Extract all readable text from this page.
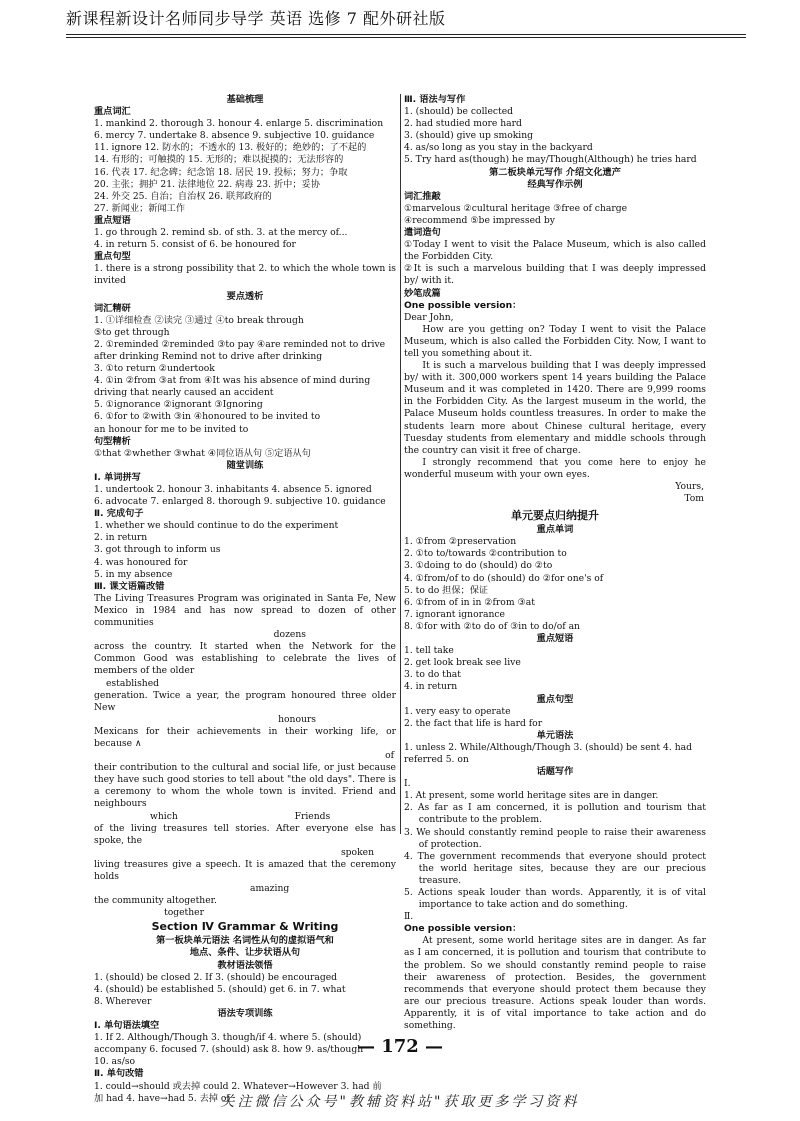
新课程新设计名师同步导学 英语 选修 7 配外研社版
基础梳理
重点词汇
1. mankind 2. thorough 3. honour 4. enlarge 5. discrimination
6. mercy 7. undertake 8. absence 9. subjective 10. guidance
11. ignore 12. 防水的；不透水的 13. 极好的；绝妙的；了不起的
14. 有形的；可触摸的 15. 无形的；难以捉摸的；无法形容的
16. 代表 17. 纪念碑；纪念馆 18. 居民 19. 投标；努力；争取
20. 主张；拥护 21. 法律地位 22. 病毒 23. 折中；妥协
24. 外交 25. 自治；自治权 26. 联邦政府的
27. 新闻业；新闻工作
重点短语
1. go through 2. remind sb. of sth. 3. at the mercy of...
4. in return 5. consist of 6. be honoured for
重点句型
1. there is a strong possibility that 2. to which the whole town is invited
要点透析
词汇精研
1. ①详细检查 ②读完 ③通过 ④to break through
⑤to get through
2. ①reminded ②reminded ③to pay ④are reminded not to drive
after drinking Remind not to drive after drinking
3. ①to return ②undertook
4. ①in ②from ③at from ④It was his absence of mind during
driving that nearly caused an accident
5. ①ignorance ②ignorant ③Ignoring
6. ①for to ②with ③in ④honoured to be invited to
an honour for me to be invited to
句型精析
①that ②whether ③what ④同位语从句 ⑤定语从句
随堂训练
Ⅰ. 单词拼写
1. undertook 2. honour 3. inhabitants 4. absence 5. ignored
6. advocate 7. enlarged 8. thorough 9. subjective 10. guidance
Ⅱ. 完成句子
1. whether we should continue to do the experiment
2. in return
3. got through to inform us
4. was honoured for
5. in my absence
Ⅲ. 课文语篇改错
The Living Treasures Program was originated in Santa Fe, New Mexico in 1984 and has now spread to dozen of other communities
dozens
across the country. It started when the Network for the Common Good was establishing to celebrate the lives of members of the older
established
generation. Twice a year, the program honoured three older New
honours
Mexicans for their achievements in their working life, or because ∧
of
their contribution to the cultural and social life, or just because they have such good stories to tell about "the old days". There is a ceremony to whom the whole town is invited. Friend and neighbours
which                                        Friends
of the living treasures tell stories. After everyone else has spoke, the
spoken
living treasures give a speech. It is amazed that the ceremony holds
amazing
the community altogether.
together
Section Ⅳ Grammar & Writing
第一板块单元语法 名词性从句的虚拟语气和
地点、条件、让步状语从句
教材语法领悟
1. (should) be closed 2. If 3. (should) be encouraged
4. (should) be established 5. (should) get 6. in 7. what
8. Wherever
语法专项训练
Ⅰ. 单句语法填空
1. If 2. Although/Though 3. though/if 4. where 5. (should)
accompany 6. focused 7. (should) ask 8. how 9. as/though
10. as/so
Ⅱ. 单句改错
1. could→should 或去掉 could 2. Whatever→However 3. had 前
加 had 4. have→had 5. 去掉 of
Ⅲ. 语法与写作
1. (should) be collected
2. had studied more hard
3. (should) give up smoking
4. as/so long as you stay in the backyard
5. Try hard as(though) he may/Though(Although) he tries hard
第二板块单元写作 介绍文化遗产
经典写作示例
词汇推敲
①marvelous ②cultural heritage ③free of charge
④recommend ⑤be impressed by
遣词造句
①Today I went to visit the Palace Museum, which is also called the Forbidden City.
②It is such a marvelous building that I was deeply impressed by/ with it.
妙笔成篇
One possible version：
Dear John,
How are you getting on? Today I went to visit the Palace Museum, which is also called the Forbidden City. Now, I want to tell you something about it.
It is such a marvelous building that I was deeply impressed by/ with it. 300,000 workers spent 14 years building the Palace Museum and it was completed in 1420. There are 9,999 rooms in the Forbidden City. As the largest museum in the world, the Palace Museum holds countless treasures. In order to make the students learn more about Chinese cultural heritage, every Tuesday students from elementary and middle schools through the country can visit it free of charge.
I strongly recommend that you come here to enjoy he wonderful museum with your own eyes.
Yours,
Tom
单元要点归纳提升
重点单词
1. ①from ②preservation
2. ①to to/towards ②contribution to
3. ①doing to do (should) do ②to
4. ①from/of to do (should) do ②for one's of
5. to do 担保；保证
6. ①from of in in ②from ③at
7. ignorant ignorance
8. ①for with ②to do of ③in to do/of an
重点短语
1. tell take
2. get look break see live
3. to do that
4. in return
重点句型
1. very easy to operate
2. the fact that life is hard for
单元语法
1. unless 2. While/Although/Though 3. (should) be sent 4. had
referred 5. on
话题写作
Ⅰ.
1. At present, some world heritage sites are in danger.
2. As far as I am concerned, it is pollution and tourism that contribute to the problem.
3. We should constantly remind people to raise their awareness of protection.
4. The government recommends that everyone should protect the world heritage sites, because they are our precious treasure.
5. Actions speak louder than words. Apparently, it is of vital importance to take action and do something.
Ⅱ.
One possible version：
At present, some world heritage sites are in danger. As far as I am concerned, it is pollution and tourism that contribute to the problem. So we should constantly remind people to raise their awareness of protection. Besides, the government recommends that everyone should protect them because they are our precious treasure. Actions speak louder than words. Apparently, it is of vital importance to take action and do something.
— 172 —
关注微信公众号"教辅资料站"获取更多学习资料
